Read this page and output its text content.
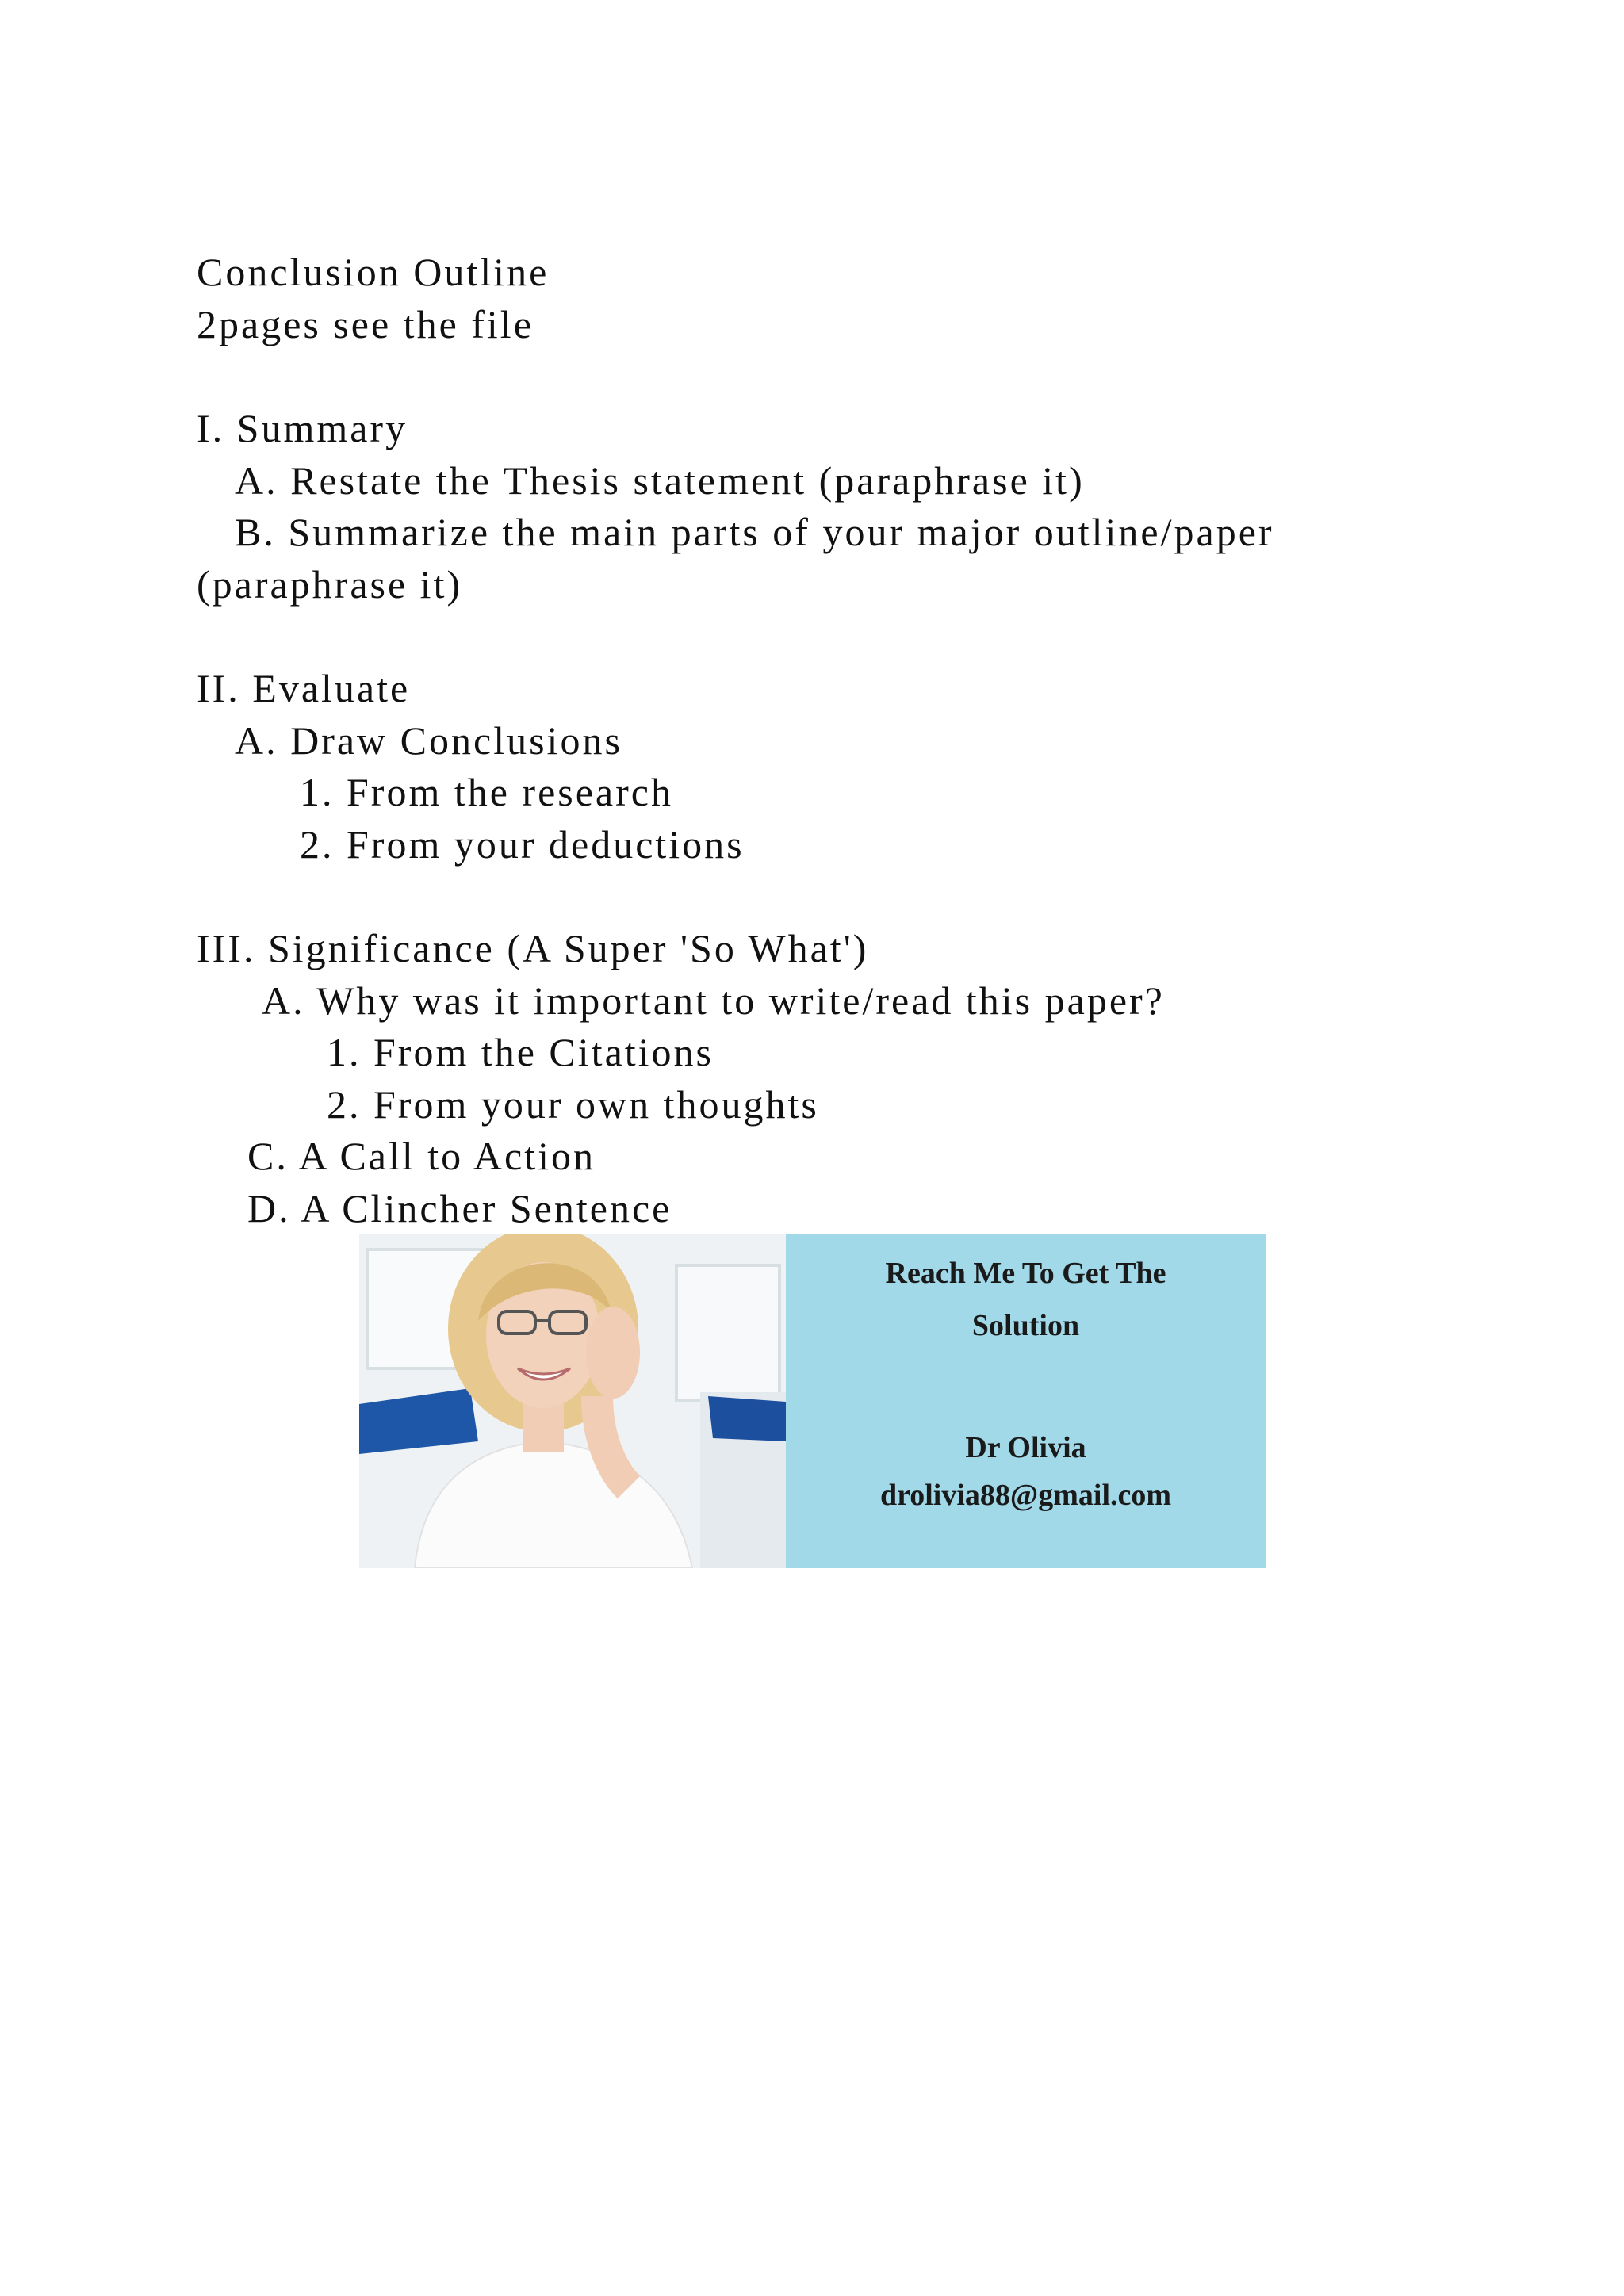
Conclusion Outline
2pages see the file
I. Summary
A. Restate the Thesis statement (paraphrase it)
B. Summarize the main parts of your major outline/paper
(paraphrase it)
II. Evaluate
A. Draw Conclusions
1. From the research
2. From your deductions
III. Significance (A Super 'So What')
A. Why was it important to write/read this paper?
1. From the Citations
2. From your own thoughts
C. A Call to Action
D. A Clincher Sentence
Reach Me To Get The
Solution
Dr Olivia
drolivia88@gmail.com
